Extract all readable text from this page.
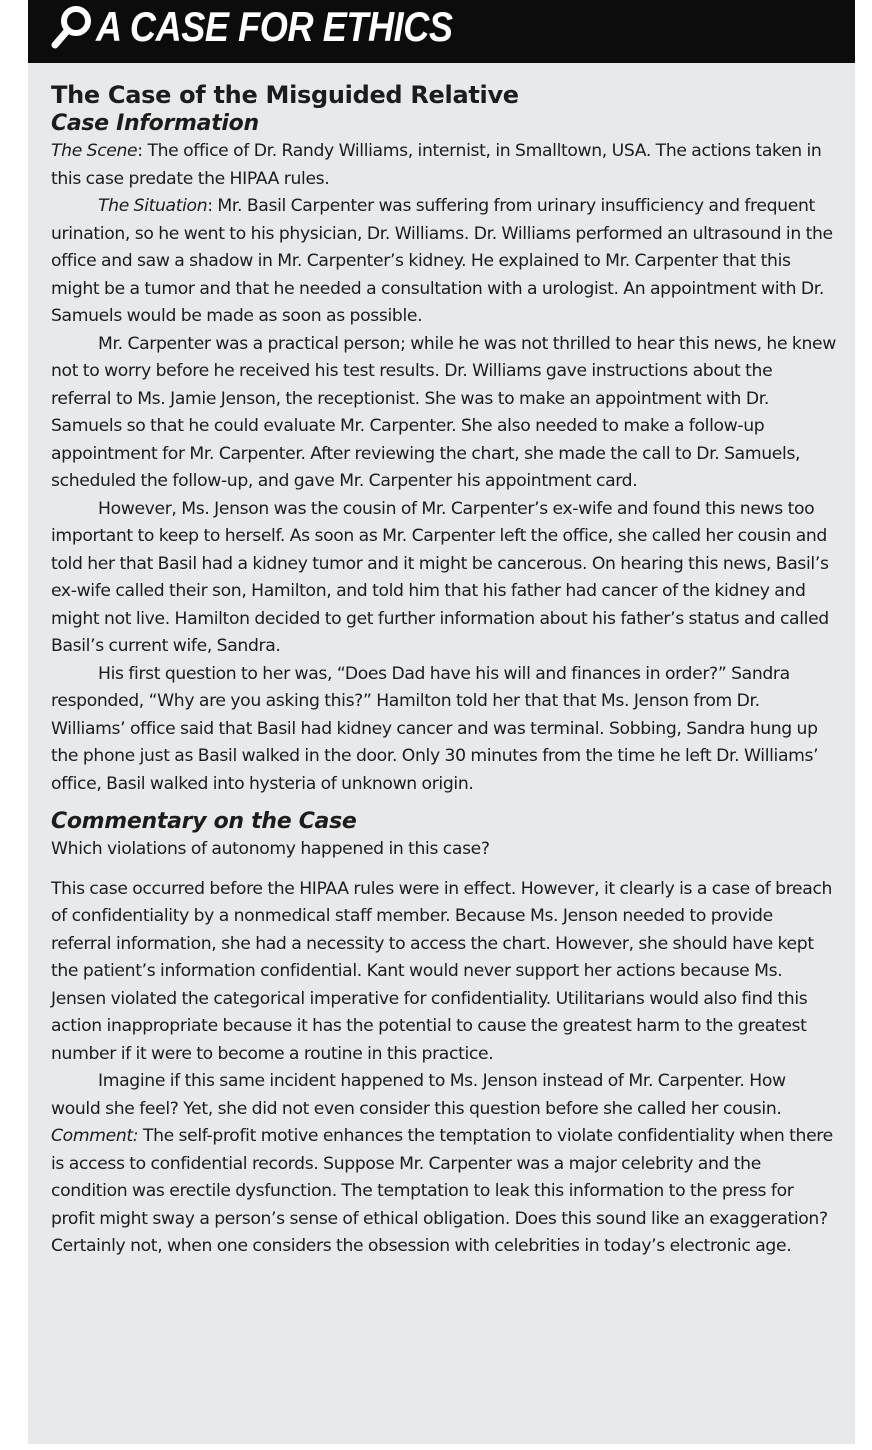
A CASE FOR ETHICS
The Case of the Misguided Relative
Case Information

The Scene: The office of Dr. Randy Williams, internist, in Smalltown, USA. The actions taken in this case predate the HIPAA rules.

The Situation: Mr. Basil Carpenter was suffering from urinary insufficiency and frequent urination, so he went to his physician, Dr. Williams. Dr. Williams performed an ultrasound in the office and saw a shadow in Mr. Carpenter’s kidney. He explained to Mr. Carpenter that this might be a tumor and that he needed a consultation with a urologist. An appointment with Dr. Samuels would be made as soon as possible.

Mr. Carpenter was a practical person; while he was not thrilled to hear this news, he knew not to worry before he received his test results. Dr. Williams gave instructions about the referral to Ms. Jamie Jenson, the receptionist. She was to make an appointment with Dr. Samuels so that he could evaluate Mr. Carpenter. She also needed to make a follow-up appointment for Mr. Carpenter. After reviewing the chart, she made the call to Dr. Samuels, scheduled the follow-up, and gave Mr. Carpenter his appointment card.

However, Ms. Jenson was the cousin of Mr. Carpenter’s ex-wife and found this news too important to keep to herself. As soon as Mr. Carpenter left the office, she called her cousin and told her that Basil had a kidney tumor and it might be cancerous. On hearing this news, Basil’s ex-wife called their son, Hamilton, and told him that his father had cancer of the kidney and might not live. Hamilton decided to get further information about his father’s status and called Basil’s current wife, Sandra.

His first question to her was, “Does Dad have his will and finances in order?” Sandra responded, “Why are you asking this?” Hamilton told her that that Ms. Jenson from Dr. Williams’ office said that Basil had kidney cancer and was terminal. Sobbing, Sandra hung up the phone just as Basil walked in the door. Only 30 minutes from the time he left Dr. Williams’ office, Basil walked into hysteria of unknown origin.

Commentary on the Case

Which violations of autonomy happened in this case?

This case occurred before the HIPAA rules were in effect. However, it clearly is a case of breach of confidentiality by a nonmedical staff member. Because Ms. Jenson needed to provide referral information, she had a necessity to access the chart. However, she should have kept the patient’s information confidential. Kant would never support her actions because Ms. Jensen violated the categorical imperative for confidentiality. Utilitarians would also find this action inappropriate because it has the potential to cause the greatest harm to the greatest number if it were to become a routine in this practice.

Imagine if this same incident happened to Ms. Jenson instead of Mr. Carpenter. How would she feel? Yet, she did not even consider this question before she called her cousin. Comment: The self-profit motive enhances the temptation to violate confidentiality when there is access to confidential records. Suppose Mr. Carpenter was a major celebrity and the condition was erectile dysfunction. The temptation to leak this information to the press for profit might sway a person’s sense of ethical obligation. Does this sound like an exaggeration? Certainly not, when one considers the obsession with celebrities in today’s electronic age.
